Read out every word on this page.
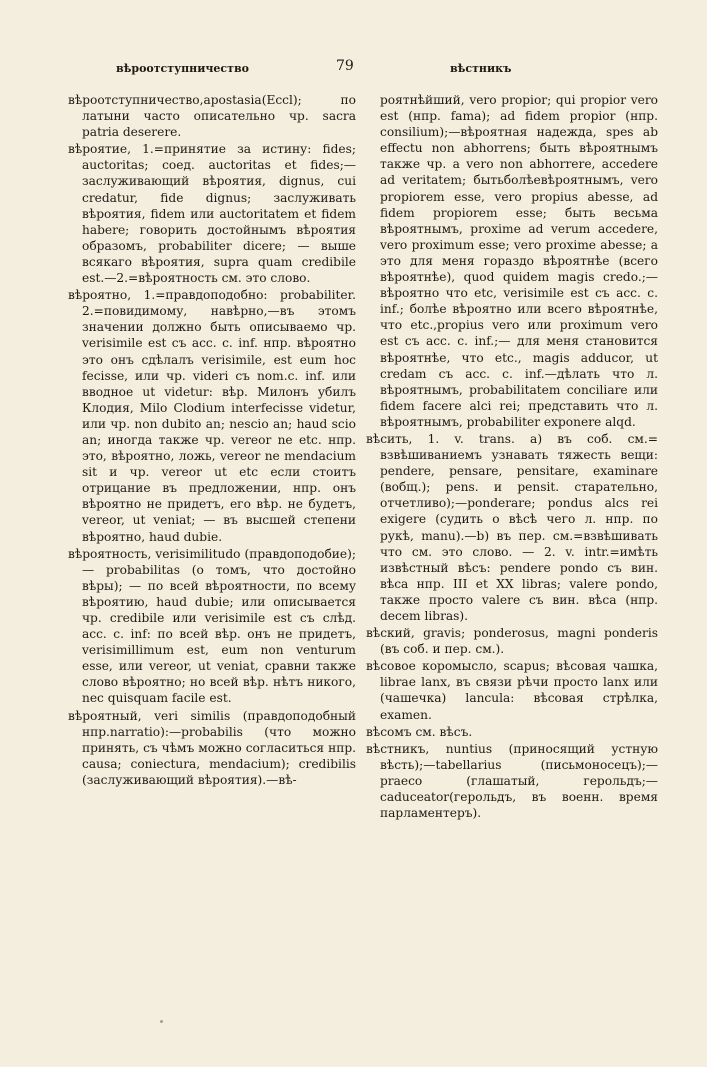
вѣроотступничество	79	вѣстникъ

вѣроотступничество,apostasia(Eccl); по латыни часто описательно чр. sacra patria deserere.

вѣроятие, 1.=принятие за истину: fides; auctoritas; соед. auctoritas et fides;—заслуживающий вѣроятия, dignus, cui credatur, fide dignus; заслуживать вѣроятия, fidem или auctoritatem et fidem habere; говорить достойнымъ вѣроятия образомъ, probabiliter dicere; — выше всякаго вѣроятия, supra quam credibile est.—2.=вѣроятность см. это слово.

вѣроятно, 1.=правдоподобно: probabiliter. 2.=повидимому, навѣрно,—въ этомъ значении должно быть описываемо чр. verisimile est съ acc. c. inf. нпр. вѣроятно это онъ сдѣлалъ verisimile, est eum hoc fecisse, или чр. videri съ nom.c. inf. или вводное ut videtur: вѣр. Милонъ убилъ Клодия, Milo Clodium interfecisse videtur, или чр. non dubito an; nescio an; haud scio an; иногда также чр. vereor ne etc. нпр. это, вѣроятно, ложь, vereor ne mendacium sit и чр. vereor ut etc если стоитъ отрицание въ предложении, нпр. онъ вѣроятно не придетъ, его вѣр. не будетъ, vereor, ut veniat; — въ высшей степени вѣроятно, haud dubie.

вѣроятность, verisimilitudo (правдоподобие); — probabilitas (о томъ, что достойно вѣры); — по всей вѣроятности, по всему вѣроятию, haud dubie; или описывается чр. credibile или verisimile est съ слѣд. acc. c. inf: по всей вѣр. онъ не придетъ, verisimillimum est, eum non venturum esse, или vereor, ut veniat, сравни также слово вѣроятно; но всей вѣр. нѣтъ никого, nec quisquam facile est.

вѣроятный, veri similis (правдоподобный нпр.narratio):—probabilis (что можно принять, съ чѣмъ можно согласиться нпр. causa; coniectura, mendacium); credibilis (заслуживающий вѣроятия).—вѣ-

роятнѣйший, vero propior; qui propior vero est (нпр. fama); ad fidem propior (нпр. consilium);—вѣроятная надежда, spes ab effectu non abhorrens; быть вѣроятнымъ также чр. a vero non abhorrere, accedere ad veritatem; бытьболѣевѣроятнымъ, vero propiorem esse, vero propius abesse, ad fidem propiorem esse; быть весьма вѣроятнымъ, proxime ad verum accedere, vero proximum esse; vero proxime abesse; а это для меня гораздо вѣроятнѣе (всего вѣроятнѣе), quod quidem magis credo.;— вѣроятно что etc, verisimile est съ acc. c. inf.; болѣе вѣроятно или всего вѣроятнѣе, что etc.,propius vero или proximum vero est съ acc. c. inf.;— для меня становится вѣроятнѣе, что etc., magis adducor, ut credam съ acc. c. inf.—дѣлать что л. вѣроятнымъ, probabilitatem conciliare или fidem facere alci rei; представить что л. вѣроятнымъ, probabiliter exponere alqd.

вѣсить, 1. v. trans. a) въ соб. см.= взвѣшиваниемъ узнавать тяжесть вещи: pendere, pensare, pensitare, examinare (вобщ.); pens. и pensit. старательно, отчетливо);—ponderare; pondus alcs rei exigere (судить о вѣсѣ чего л. нпр. по рукѣ, manu).—b) въ пер. см.=взвѣшивать что см. это слово. — 2. v. intr.=имѣть извѣстный вѣсъ: pendere pondo съ вин. вѣса нпр. III et XX libras; valere pondo, также просто valere съ вин. вѣса (нпр. decem libras).

вѣский, gravis; ponderosus, magni ponderis (въ соб. и пер. см.).

вѣсовое коромысло, scapus; вѣсовая чашка, librae lanx, въ связи рѣчи просто lanx или (чашечка) lancula: вѣсовая стрѣлка, examen.

вѣсомъ см. вѣсъ.

вѣстникъ, nuntius (приносящий устную вѣсть);—tabellarius (письмоносецъ);—praeco (глашатый, герольдъ;—caduceator(герольдъ, въ военн. время парламентеръ).
